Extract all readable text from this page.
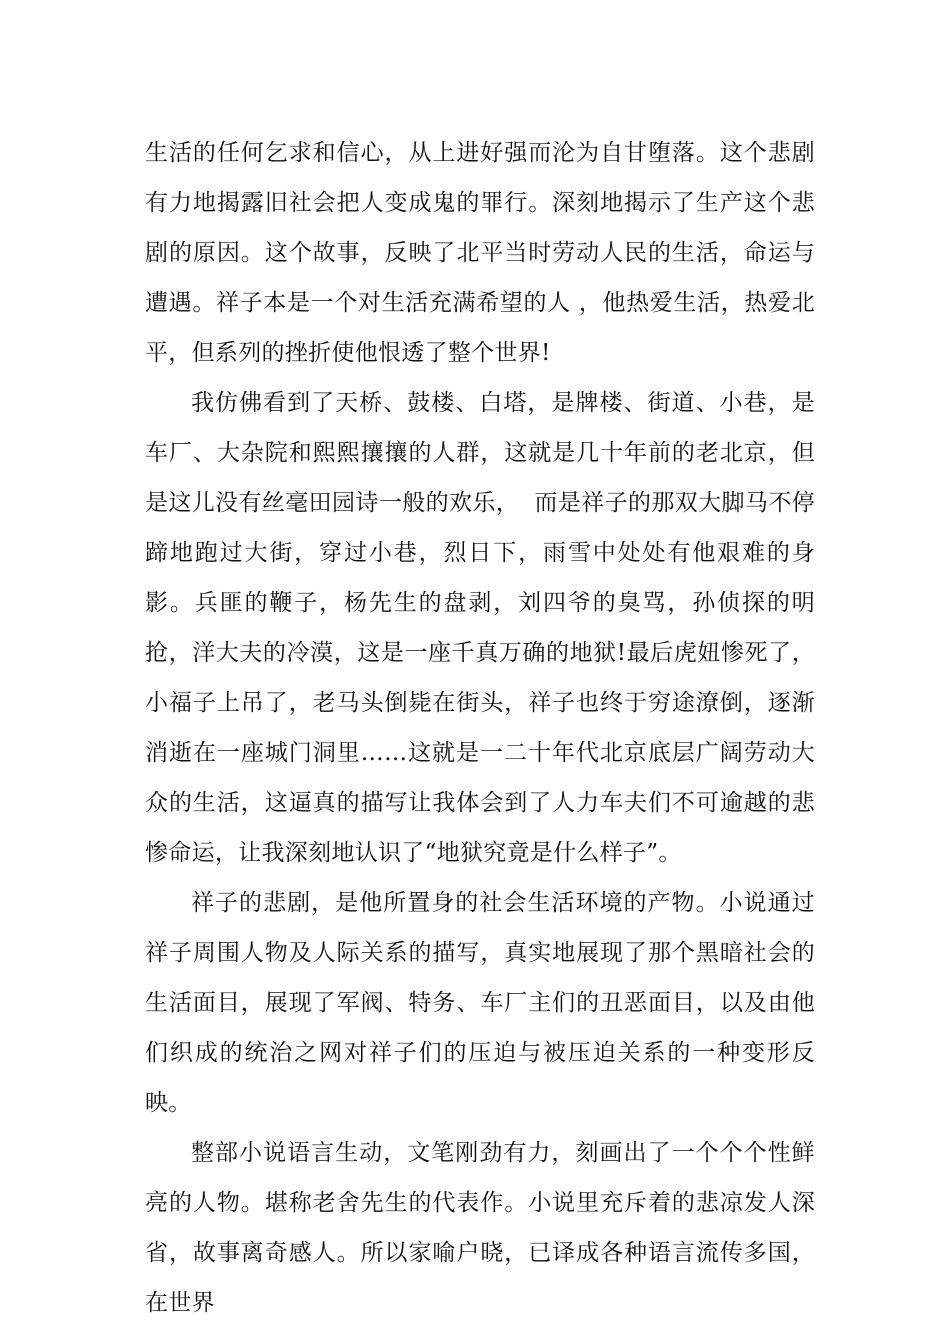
生活的任何乞求和信心，从上进好强而沦为自甘堕落。这个悲剧有力地揭露旧社会把人变成鬼的罪行。深刻地揭示了生产这个悲剧的原因。这个故事，反映了北平当时劳动人民的生活，命运与遭遇。祥子本是一个对生活充满希望的人 ，他热爱生活，热爱北平，但系列的挫折使他恨透了整个世界!

我仿佛看到了天桥、鼓楼、白塔，是牌楼、街道、小巷，是车厂、大杂院和熙熙攘攘的人群，这就是几十年前的老北京，但是这儿没有丝毫田园诗一般的欢乐，  而是祥子的那双大脚马不停蹄地跑过大街，穿过小巷，烈日下，雨雪中处处有他艰难的身影。兵匪的鞭子，杨先生的盘剥，刘四爷的臭骂，孙侦探的明抢，洋大夫的冷漠，这是一座千真万确的地狱!最后虎妞惨死了，小福子上吊了，老马头倒毙在街头，祥子也终于穷途潦倒，逐渐消逝在一座城门洞里……这就是一二十年代北京底层广阔劳动大众的生活，这逼真的描写让我体会到了人力车夫们不可逾越的悲惨命运，让我深刻地认识了“地狱究竟是什么样子”。

祥子的悲剧，是他所置身的社会生活环境的产物。小说通过祥子周围人物及人际关系的描写，真实地展现了那个黑暗社会的生活面目，展现了军阀、特务、车厂主们的丑恶面目，以及由他们织成的统治之网对祥子们的压迫与被压迫关系的一种变形反映。

整部小说语言生动，文笔刚劲有力，刻画出了一个个个性鲜亮的人物。堪称老舍先生的代表作。小说里充斥着的悲凉发人深省，故事离奇感人。所以家喻户晓，已译成各种语言流传多国，在世界
